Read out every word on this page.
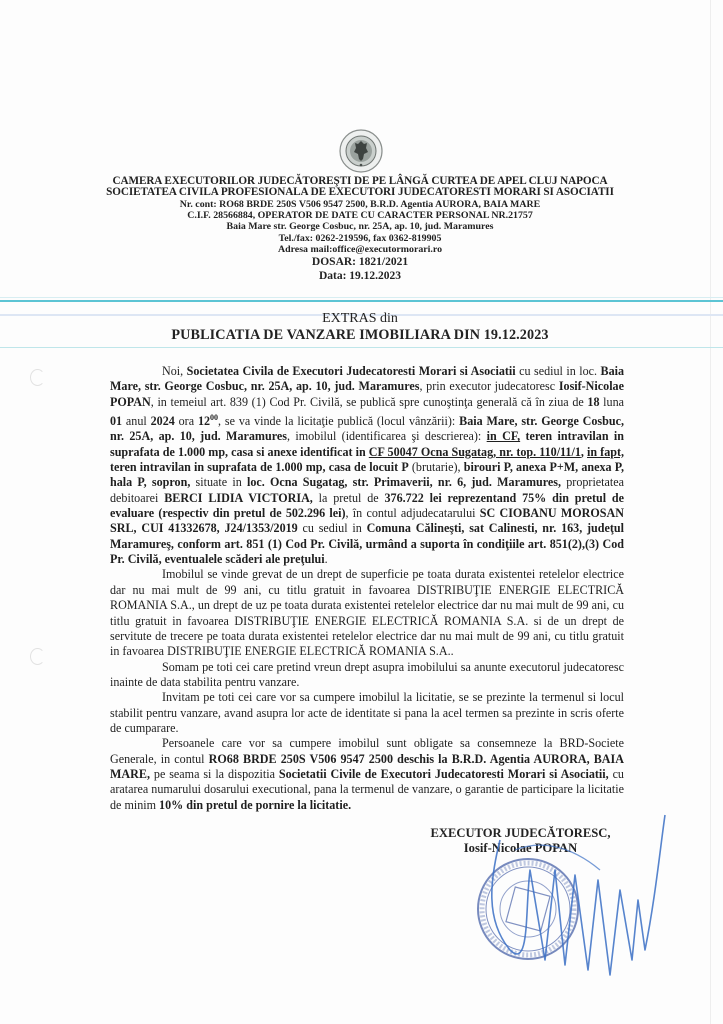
CAMERA EXECUTORILOR JUDECĂTOREŞTI DE PE LÂNGĂ CURTEA DE APEL CLUJ NAPOCA
SOCIETATEA CIVILA PROFESIONALA DE EXECUTORI JUDECATORESTI MORARI SI ASOCIATII
Nr. cont: RO68 BRDE 250S V506 9547 2500, B.R.D. Agentia AURORA, BAIA MARE
C.I.F. 28566884, OPERATOR DE DATE CU CARACTER PERSONAL NR.21757
Baia Mare str. George Cosbuc, nr. 25A, ap. 10, jud. Maramures
Tel./fax: 0262-219596, fax 0362-819905
Adresa mail:office@executormorari.ro
DOSAR: 1821/2021
Data: 19.12.2023
EXTRAS din
PUBLICATIA DE VANZARE IMOBILIARA DIN 19.12.2023

Noi, Societatea Civila de Executori Judecatoresti Morari si Asociatii cu sediul in loc. Baia Mare, str. George Cosbuc, nr. 25A, ap. 10, jud. Maramures, prin executor judecatoresc Iosif-Nicolae POPAN, in temeiul art. 839 (1) Cod Pr. Civilă, se publică spre cunoştinţa generală că în ziua de 18 luna 01 anul 2024 ora $12^{00}$, se va vinde la licitaţie publică (locul vânzării): Baia Mare, str. George Cosbuc, nr. 25A, ap. 10, jud. Maramures, imobilul (identificarea şi descrierea): in CF, teren intravilan in suprafata de 1.000 mp, casa si anexe identificat in CF 50047 Ocna Sugatag, nr. top. 110/11/1, in fapt, teren intravilan in suprafata de 1.000 mp, casa de locuit P (brutarie), birouri P, anexa P+M, anexa P, hala P, sopron, situate in loc. Ocna Sugatag, str. Primaverii, nr. 6, jud. Maramures, proprietatea debitoarei BERCI LIDIA VICTORIA, la pretul de 376.722 lei reprezentand 75% din pretul de evaluare (respectiv din pretul de 502.296 lei), în contul adjudecatarului SC CIOBANU MOROSAN SRL, CUI 41332678, J24/1353/2019 cu sediul in Comuna Călineşti, sat Calinesti, nr. 163, judeţul Maramureş, conform art. 851 (1) Cod Pr. Civilă, urmând a suporta în condiţiile art. 851(2),(3) Cod Pr. Civilă, eventualele scăderi ale preţului.

Imobilul se vinde grevat de un drept de superficie pe toata durata existentei retelelor electrice dar nu mai mult de 99 ani, cu titlu gratuit in favoarea DISTRIBUŢIE ENERGIE ELECTRICĂ ROMANIA S.A., un drept de uz pe toata durata existentei retelelor electrice dar nu mai mult de 99 ani, cu titlu gratuit in favoarea DISTRIBUŢIE ENERGIE ELECTRICĂ ROMANIA S.A. si de un drept de servitute de trecere pe toata durata existentei retelelor electrice dar nu mai mult de 99 ani, cu titlu gratuit in favoarea DISTRIBUŢIE ENERGIE ELECTRICĂ ROMANIA S.A..

Somam pe toti cei care pretind vreun drept asupra imobilului sa anunte executorul judecatoresc inainte de data stabilita pentru vanzare.

Invitam pe toti cei care vor sa cumpere imobilul la licitatie, se se prezinte la termenul si locul stabilit pentru vanzare, avand asupra lor acte de identitate si pana la acel termen sa prezinte in scris oferte de cumparare.

Persoanele care vor sa cumpere imobilul sunt obligate sa consemneze la BRD-Societe Generale, in contul RO68 BRDE 250S V506 9547 2500 deschis la B.R.D. Agentia AURORA, BAIA MARE, pe seama si la dispozitia Societatii Civile de Executori Judecatoresti Morari si Asociatii, cu aratarea numarului dosarului executional, pana la termenul de vanzare, o garantie de participare la licitatie de minim 10% din pretul de pornire la licitatie.

EXECUTOR JUDECĂTORESC,
Iosif-Nicolae POPAN
